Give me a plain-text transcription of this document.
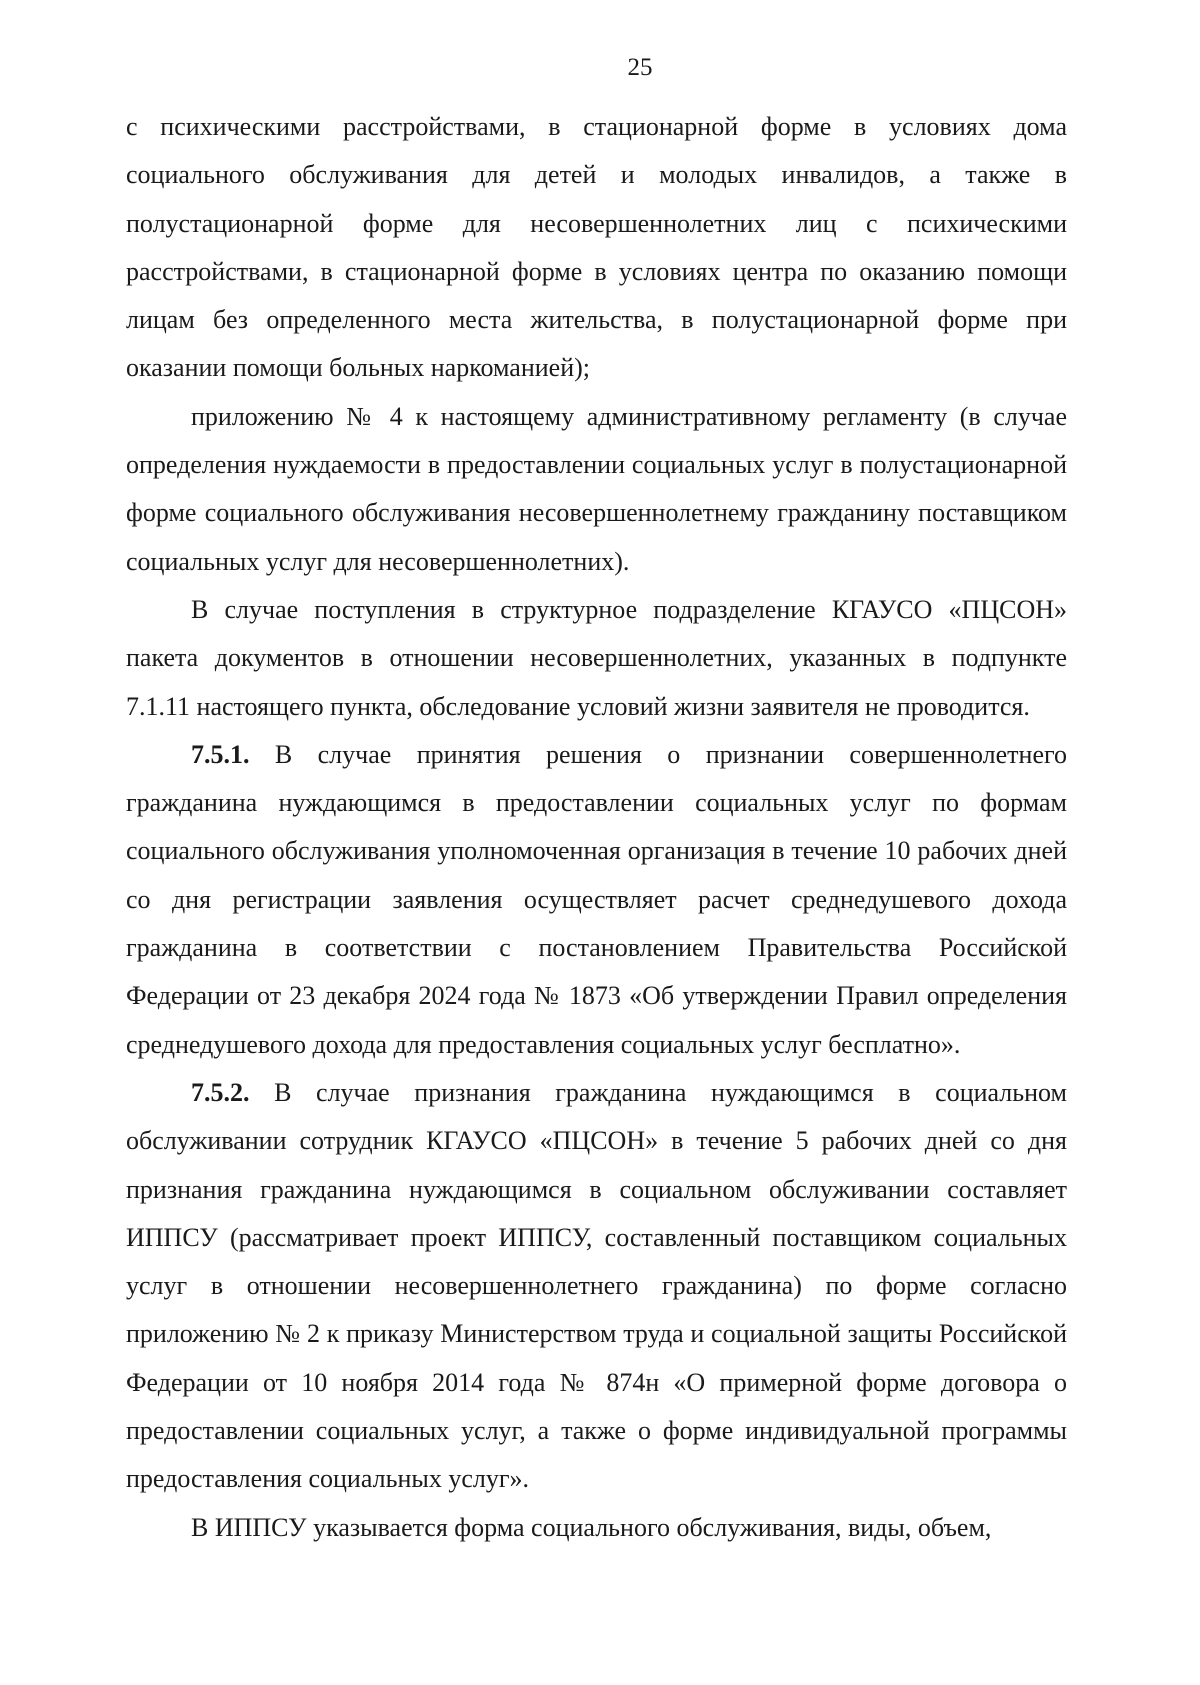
25

с психическими расстройствами, в стационарной форме в условиях дома социального обслуживания для детей и молодых инвалидов, а также в полустационарной форме для несовершеннолетних лиц с психическими расстройствами, в стационарной форме в условиях центра по оказанию помощи лицам без определенного места жительства, в полустационарной форме при оказании помощи больных наркоманией);

приложению № 4 к настоящему административному регламенту (в случае определения нуждаемости в предоставлении социальных услуг в полустационарной форме социального обслуживания несовершеннолетнему гражданину поставщиком социальных услуг для несовершеннолетних).

В случае поступления в структурное подразделение КГАУСО «ПЦСОН» пакета документов в отношении несовершеннолетних, указанных в подпункте 7.1.11 настоящего пункта, обследование условий жизни заявителя не проводится.

7.5.1. В случае принятия решения о признании совершеннолетнего гражданина нуждающимся в предоставлении социальных услуг по формам социального обслуживания уполномоченная организация в течение 10 рабочих дней со дня регистрации заявления осуществляет расчет среднедушевого дохода гражданина в соответствии с постановлением Правительства Российской Федерации от 23 декабря 2024 года № 1873 «Об утверждении Правил определения среднедушевого дохода для предоставления социальных услуг бесплатно».

7.5.2. В случае признания гражданина нуждающимся в социальном обслуживании сотрудник КГАУСО «ПЦСОН» в течение 5 рабочих дней со дня признания гражданина нуждающимся в социальном обслуживании составляет ИППСУ (рассматривает проект ИППСУ, составленный поставщиком социальных услуг в отношении несовершеннолетнего гражданина) по форме согласно приложению № 2 к приказу Министерством труда и социальной защиты Российской Федерации от 10 ноября 2014 года № 874н «О примерной форме договора о предоставлении социальных услуг, а также о форме индивидуальной программы предоставления социальных услуг».

В ИППСУ указывается форма социального обслуживания, виды, объем,
